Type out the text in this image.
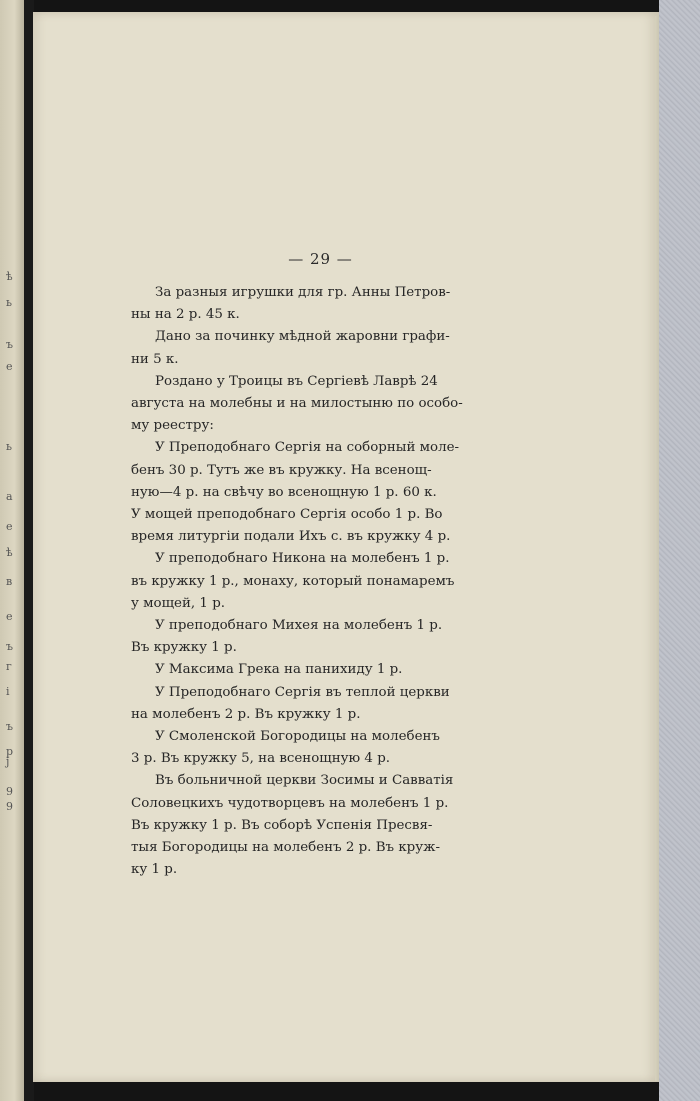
ѣ
ь
ъ
е
ь
а
е
ѣ
в
е
ъ
г
і
ъ
р
ј
9
9
— 29 —
За разныя игрушки для гр. Анны Петров-
ны на 2 р. 45 к.
Дано за починку мѣдной жаровни графи-
ни 5 к.
Роздано у Троицы въ Сергіевѣ Лаврѣ 24
августа на молебны и на милостыню по особо-
му реестру:
У Преподобнаго Сергія на соборный моле-
бенъ 30 р. Тутъ же въ кружку. На всенощ-
ную—4 р. на свѣчу во всенощную 1 р. 60 к.
У мощей преподобнаго Сергія особо 1 р. Во
время литургіи подали Ихъ с. въ кружку 4 р.
У преподобнаго Никона на молебенъ 1 р.
въ кружку 1 р., монаху, который понамаремъ
у мощей, 1 р.
У преподобнаго Михея на молебенъ 1 р.
Въ кружку 1 р.
У Максима Грека на панихиду 1 р.
У Преподобнаго Сергія въ теплой церкви
на молебенъ 2 р. Въ кружку 1 р.
У Смоленской Богородицы на молебенъ
3 р. Въ кружку 5, на всенощную 4 р.
Въ больничной церкви Зосимы и Савватія
Соловецкихъ чудотворцевъ на молебенъ 1 р.
Въ кружку 1 р. Въ соборѣ Успенія Пресвя-
тыя Богородицы на молебенъ 2 р. Въ круж-
ку 1 р.
